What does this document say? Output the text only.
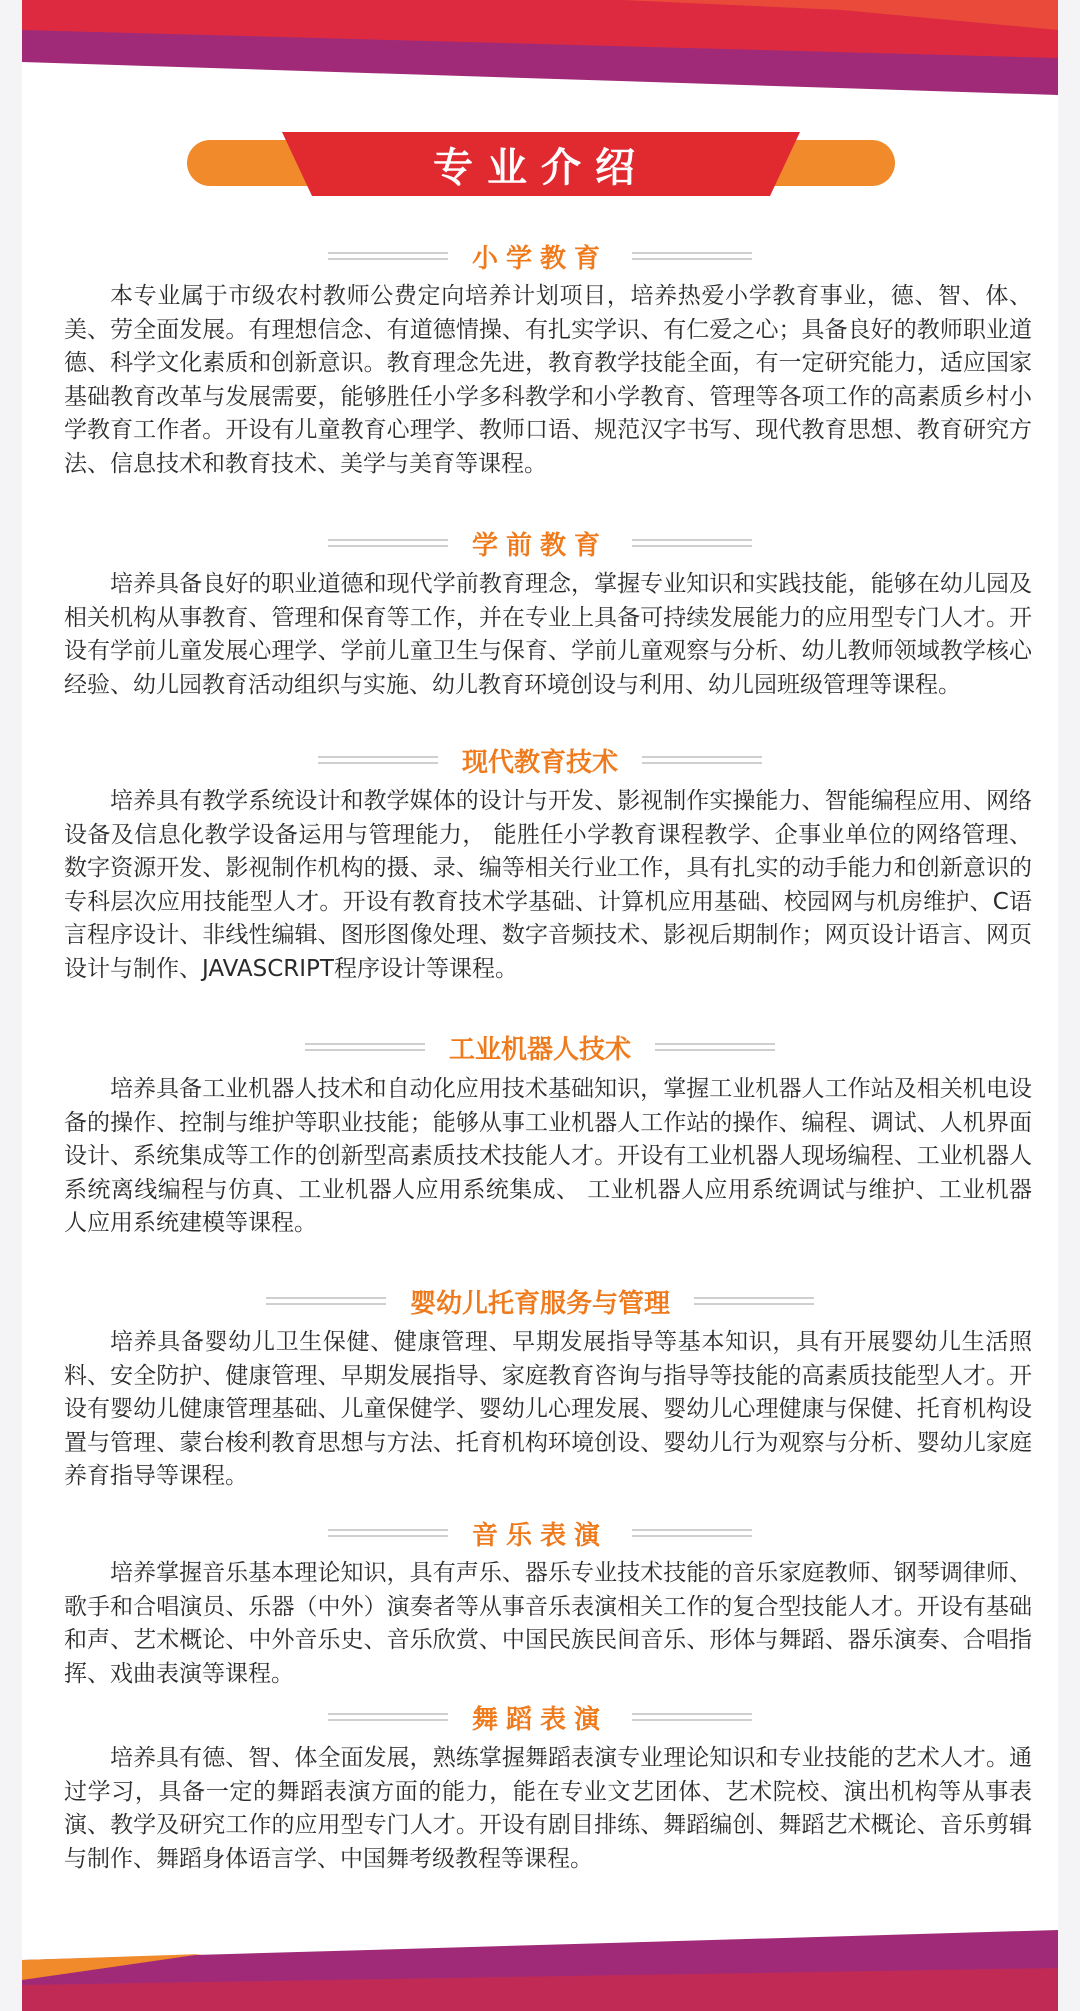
专业介绍
小学教育

本专业属于市级农村教师公费定向培养计划项目，培养热爱小学教育事业，德、智、体、美、劳全面发展。有理想信念、有道德情操、有扎实学识、有仁爱之心；具备良好的教师职业道德、科学文化素质和创新意识。教育理念先进，教育教学技能全面，有一定研究能力，适应国家基础教育改革与发展需要，能够胜任小学多科教学和小学教育、管理等各项工作的高素质乡村小学教育工作者。开设有儿童教育心理学、教师口语、规范汉字书写、现代教育思想、教育研究方法、信息技术和教育技术、美学与美育等课程。

学前教育

培养具备良好的职业道德和现代学前教育理念，掌握专业知识和实践技能，能够在幼儿园及相关机构从事教育、管理和保育等工作，并在专业上具备可持续发展能力的应用型专门人才。开设有学前儿童发展心理学、学前儿童卫生与保育、学前儿童观察与分析、幼儿教师领域教学核心经验、幼儿园教育活动组织与实施、幼儿教育环境创设与利用、幼儿园班级管理等课程。

现代教育技术

培养具有教学系统设计和教学媒体的设计与开发、影视制作实操能力、智能编程应用、网络设备及信息化教学设备运用与管理能力， 能胜任小学教育课程教学、企事业单位的网络管理、数字资源开发、影视制作机构的摄、录、编等相关行业工作，具有扎实的动手能力和创新意识的专科层次应用技能型人才。开设有教育技术学基础、计算机应用基础、校园网与机房维护、C语言程序设计、非线性编辑、图形图像处理、数字音频技术、影视后期制作；网页设计语言、网页设计与制作、JAVASCRIPT程序设计等课程。

工业机器人技术

培养具备工业机器人技术和自动化应用技术基础知识，掌握工业机器人工作站及相关机电设备的操作、控制与维护等职业技能；能够从事工业机器人工作站的操作、编程、调试、人机界面设计、系统集成等工作的创新型高素质技术技能人才。开设有工业机器人现场编程、工业机器人系统离线编程与仿真、工业机器人应用系统集成、 工业机器人应用系统调试与维护、工业机器人应用系统建模等课程。

婴幼儿托育服务与管理

培养具备婴幼儿卫生保健、健康管理、早期发展指导等基本知识，具有开展婴幼儿生活照料、安全防护、健康管理、早期发展指导、家庭教育咨询与指导等技能的高素质技能型人才。开设有婴幼儿健康管理基础、儿童保健学、婴幼儿心理发展、婴幼儿心理健康与保健、托育机构设置与管理、蒙台梭利教育思想与方法、托育机构环境创设、婴幼儿行为观察与分析、婴幼儿家庭养育指导等课程。

音乐表演

培养掌握音乐基本理论知识，具有声乐、器乐专业技术技能的音乐家庭教师、钢琴调律师、歌手和合唱演员、乐器（中外）演奏者等从事音乐表演相关工作的复合型技能人才。开设有基础和声、艺术概论、中外音乐史、音乐欣赏、中国民族民间音乐、形体与舞蹈、器乐演奏、合唱指挥、戏曲表演等课程。

舞蹈表演

培养具有德、智、体全面发展，熟练掌握舞蹈表演专业理论知识和专业技能的艺术人才。通过学习，具备一定的舞蹈表演方面的能力，能在专业文艺团体、艺术院校、演出机构等从事表演、教学及研究工作的应用型专门人才。开设有剧目排练、舞蹈编创、舞蹈艺术概论、音乐剪辑与制作、舞蹈身体语言学、中国舞考级教程等课程。
